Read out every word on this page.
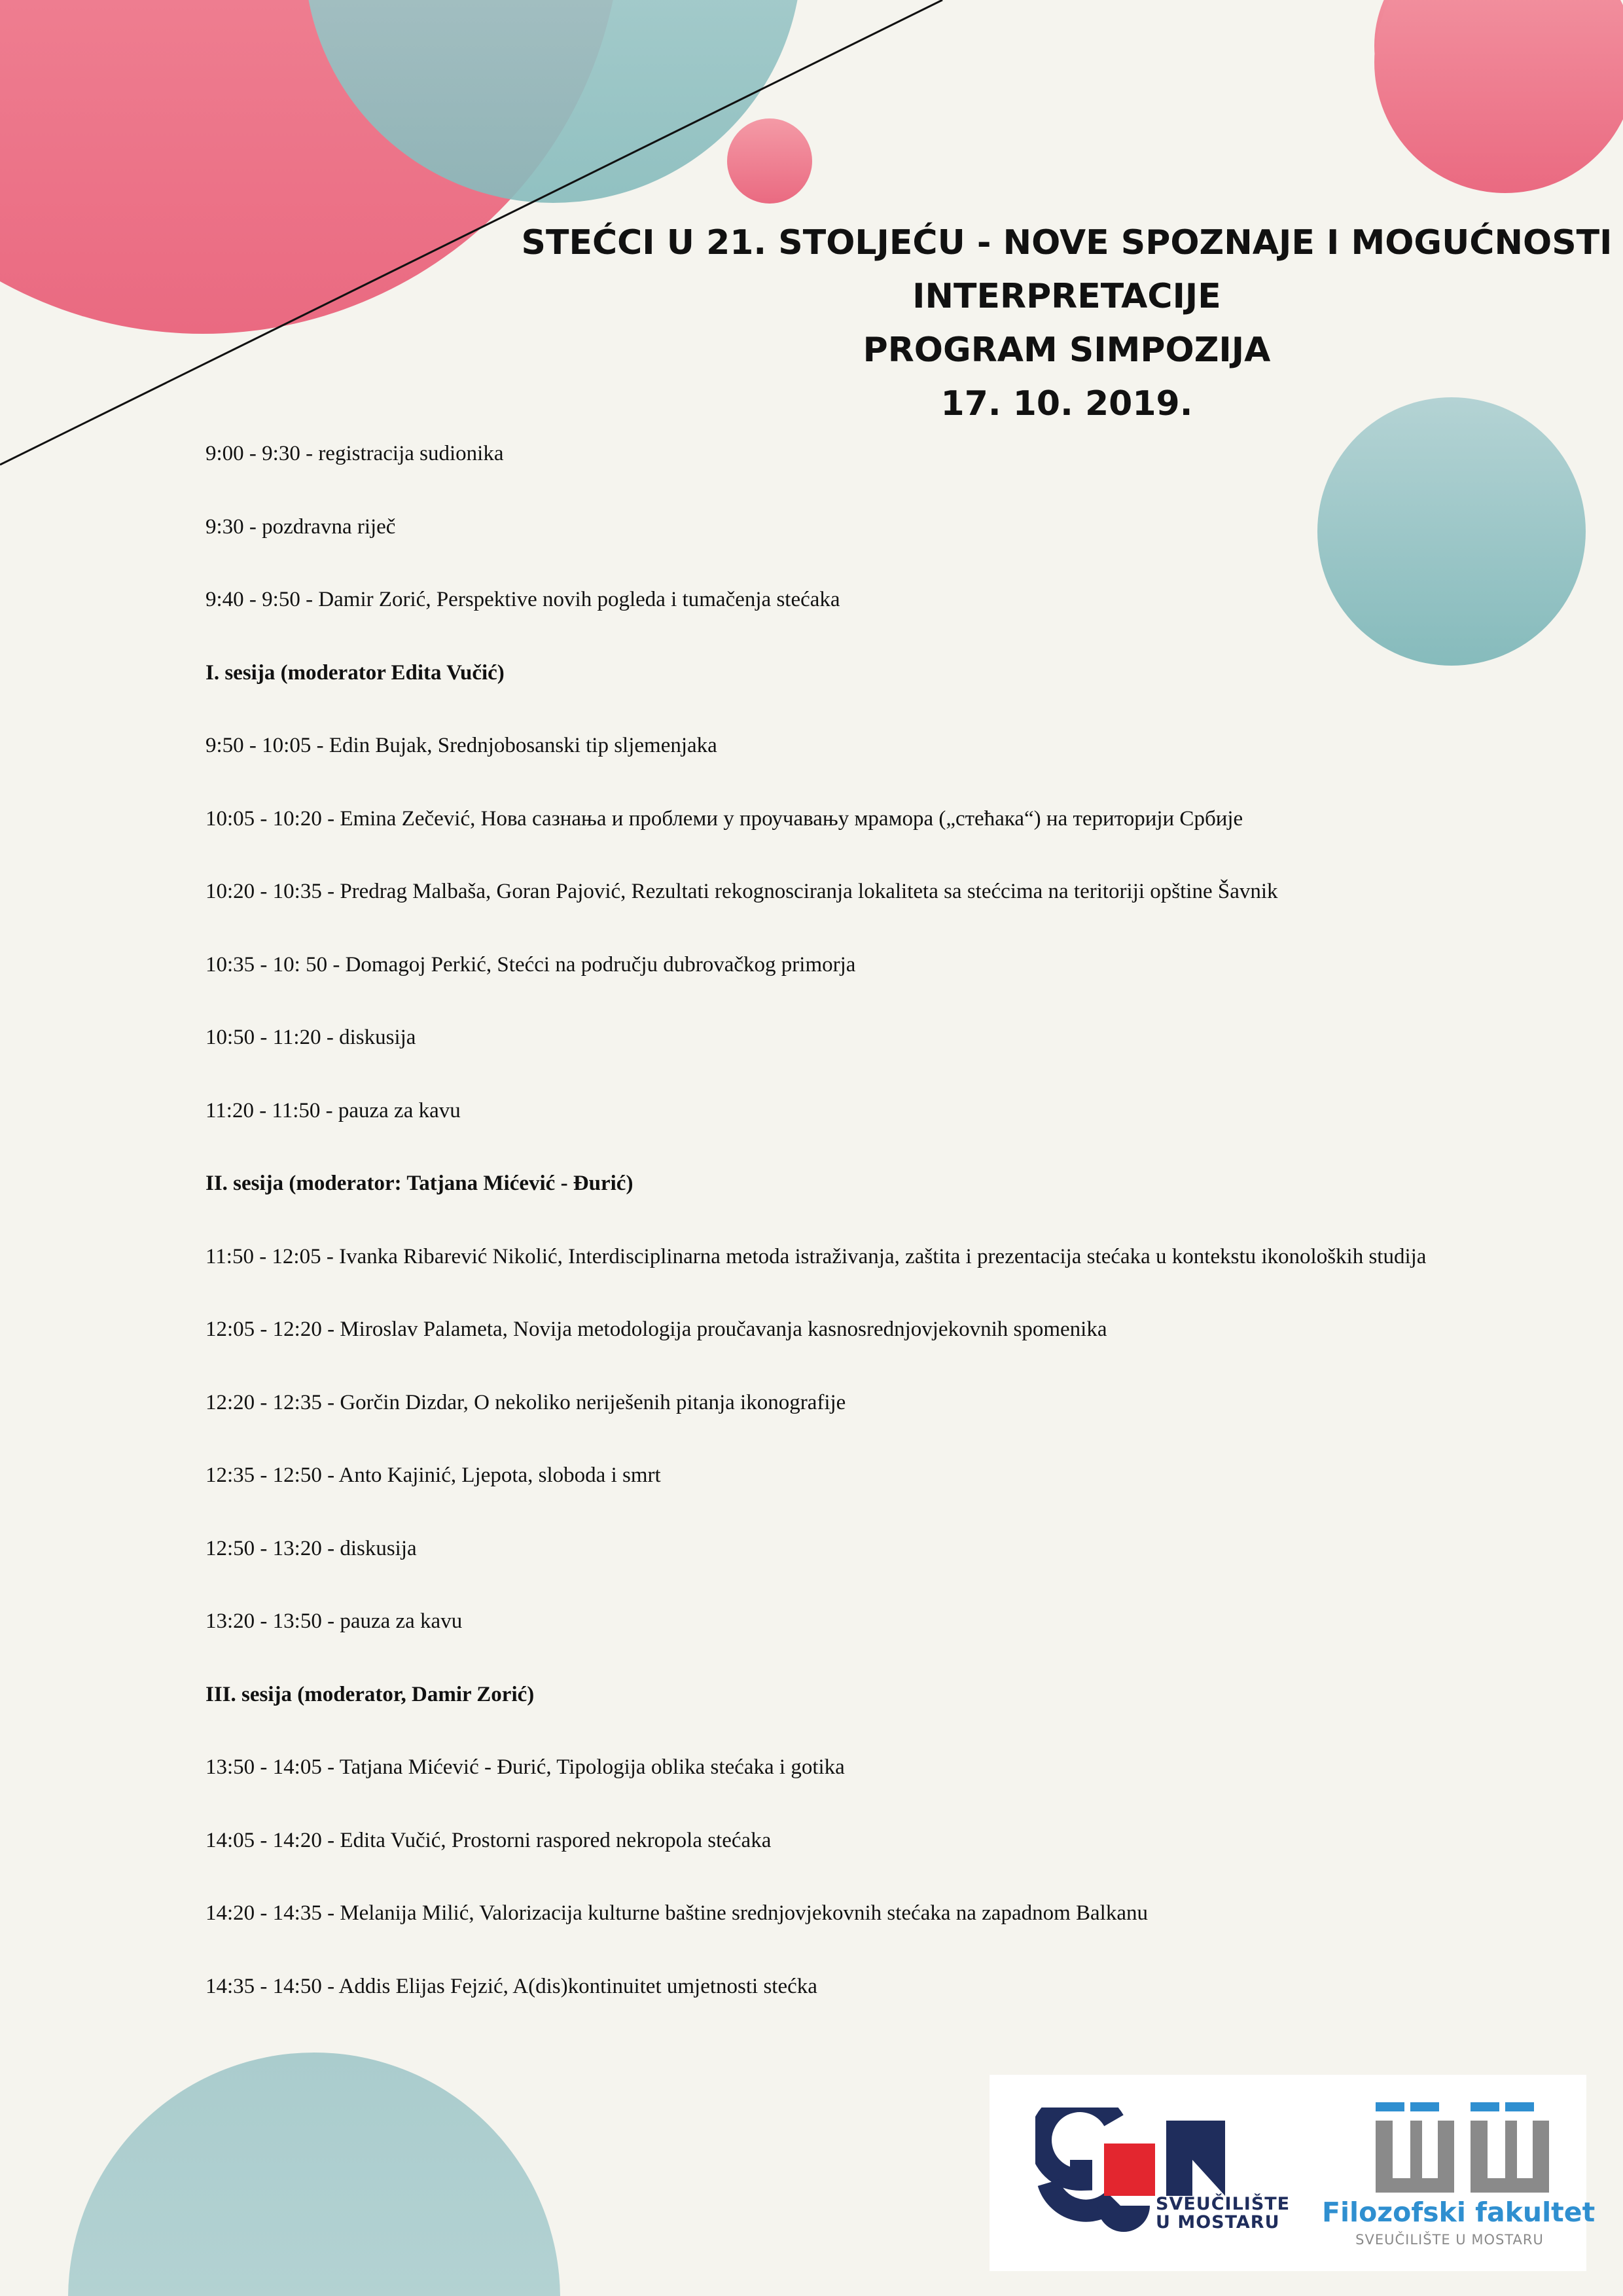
STEĆCI U 21. STOLJEĆU - NOVE SPOZNAJE I MOGUĆNOSTI
INTERPRETACIJE
PROGRAM SIMPOZIJA
17. 10. 2019.
9:00 - 9:30 - registracija sudionika
9:30 - pozdravna riječ
9:40 - 9:50 - Damir Zorić, Perspektive novih pogleda i tumačenja stećaka
I. sesija (moderator Edita Vučić)
9:50 - 10:05 - Edin Bujak, Srednjobosanski tip sljemenjaka
10:05 - 10:20 - Emina Zečević, Нова сазнања и проблеми у проучавању мрамора („стећака“) на територији Србије
10:20 - 10:35 - Predrag Malbaša, Goran Pajović, Rezultati rekognosciranja lokaliteta sa stećcima na teritoriji opštine Šavnik
10:35 - 10: 50 - Domagoj Perkić, Stećci na području dubrovačkog primorja
10:50 - 11:20 - diskusija
11:20 - 11:50 - pauza za kavu
II. sesija (moderator: Tatjana Mićević - Đurić)
11:50 - 12:05 - Ivanka Ribarević Nikolić, Interdisciplinarna metoda istraživanja, zaštita i prezentacija stećaka u kontekstu ikonoloških studija
12:05 - 12:20 - Miroslav Palameta, Novija metodologija proučavanja kasnosrednjovjekovnih spomenika
12:20 - 12:35 - Gorčin Dizdar, O nekoliko neriješenih pitanja ikonografije
12:35 - 12:50 - Anto Kajinić, Ljepota, sloboda i smrt
12:50 - 13:20 - diskusija
13:20 - 13:50 - pauza za kavu
III. sesija (moderator, Damir Zorić)
13:50 - 14:05 - Tatjana Mićević - Đurić, Tipologija oblika stećaka i gotika
14:05 - 14:20 - Edita Vučić, Prostorni raspored nekropola stećaka
14:20 - 14:35 - Melanija Milić, Valorizacija kulturne baštine srednjovjekovnih stećaka na zapadnom Balkanu
14:35 - 14:50 - Addis Elijas Fejzić, A(dis)kontinuitet umjetnosti stećka
SVEUČILIŠTE
U MOSTARU	Filozofski fakultet
SVEUČILIŠTE U MOSTARU
